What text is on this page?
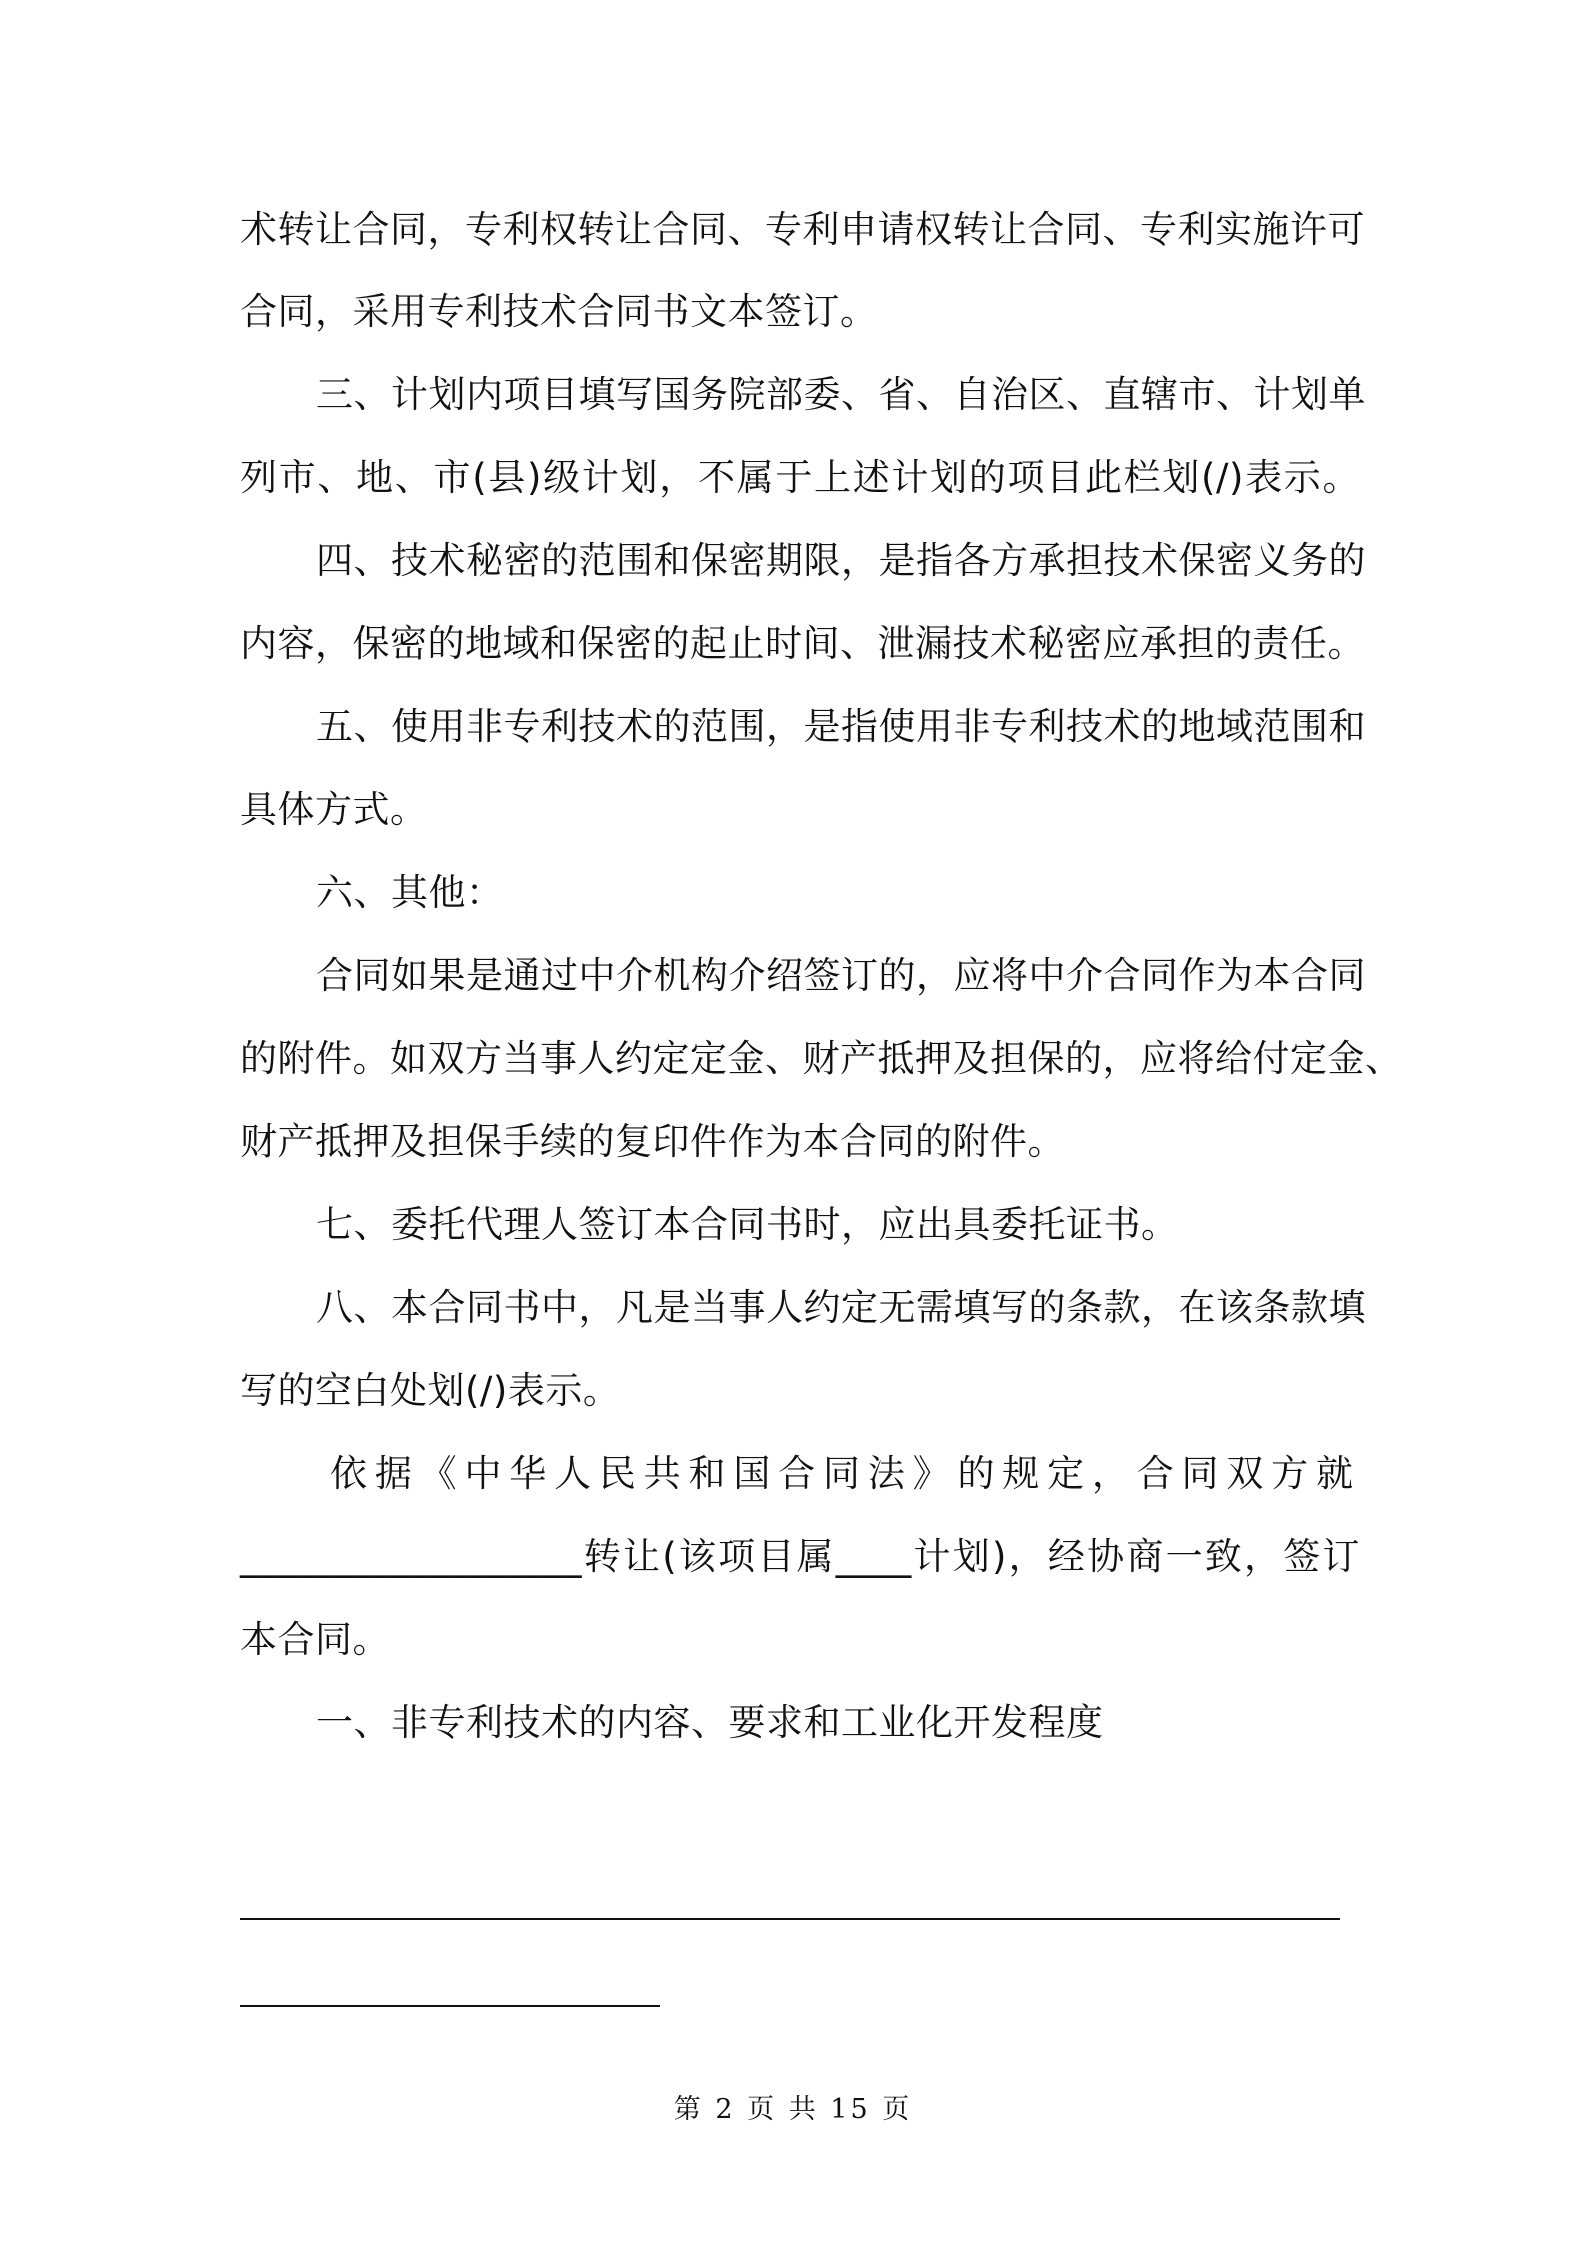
术转让合同，专利权转让合同、专利申请权转让合同、专利实施许可
合同，采用专利技术合同书文本签订。
三、计划内项目填写国务院部委、省、自治区、直辖市、计划单
列市、地、市(县)级计划，不属于上述计划的项目此栏划(/)表示。
四、技术秘密的范围和保密期限，是指各方承担技术保密义务的
内容，保密的地域和保密的起止时间、泄漏技术秘密应承担的责任。
五、使用非专利技术的范围，是指使用非专利技术的地域范围和
具体方式。
六、其他：
合同如果是通过中介机构介绍签订的，应将中介合同作为本合同
的附件。如双方当事人约定定金、财产抵押及担保的，应将给付定金、
财产抵押及担保手续的复印件作为本合同的附件。
七、委托代理人签订本合同书时，应出具委托证书。
八、本合同书中，凡是当事人约定无需填写的条款，在该条款填
写的空白处划(/)表示。
依据《中华人民共和国合同法》的规定，合同双方就
__________________转让(该项目属____计划)，经协商一致，签订
本合同。
一、非专利技术的内容、要求和工业化开发程度
第 2 页 共 15 页
